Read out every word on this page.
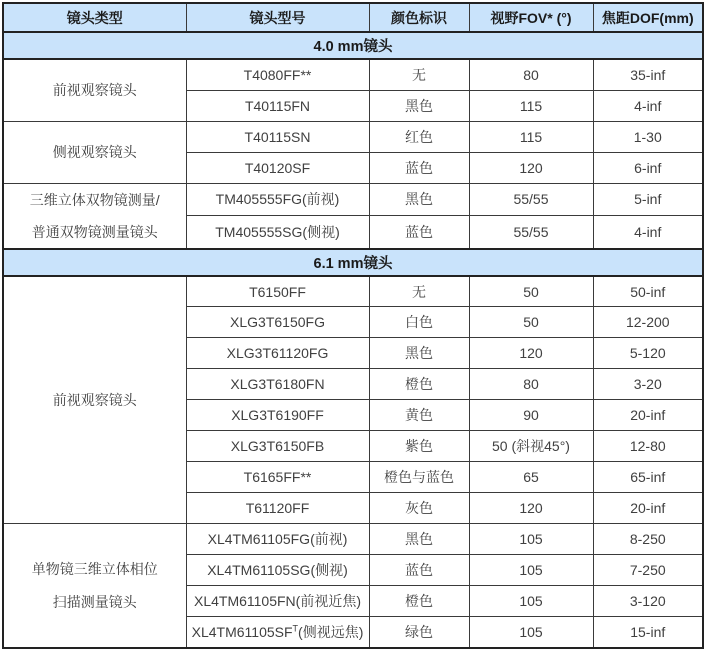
镜头类型	镜头型号	颜色标识	视野FOV* (°)	焦距DOF(mm)
4.0 mm镜头				

前视观察镜头	T4080FF**	无	80	35-inf
	T40115FN	黑色	115	4-inf

侧视观察镜头	T40115SN	红色	115	1-30
	T40120SF	蓝色	120	6-inf

三维立体双物镜测量/
普通双物镜测量镜头	TM405555FG(前视)	黑色	55/55	5-inf
	TM405555SG(侧视)	蓝色	55/55	4-inf
6.1 mm镜头				

前视观察镜头	T6150FF	无	50	50-inf
	XLG3T6150FG	白色	50	12-200
	XLG3T61120FG	黑色	120	5-120
	XLG3T6180FN	橙色	80	3-20
	XLG3T6190FF	黄色	90	20-inf
	XLG3T6150FB	紫色	50 (斜视45°)	12-80
	T6165FF**	橙色与蓝色	65	65-inf
	T61120FF	灰色	120	20-inf

单物镜三维立体相位
扫描测量镜头	XL4TM61105FG(前视)	黑色	105	8-250
	XL4TM61105SG(侧视)	蓝色	105	7-250
	XL4TM61105FN(前视近焦)	橙色	105	3-120
	$XL4TM61105SF^T$(侧视远焦)	绿色	105	15-inf
